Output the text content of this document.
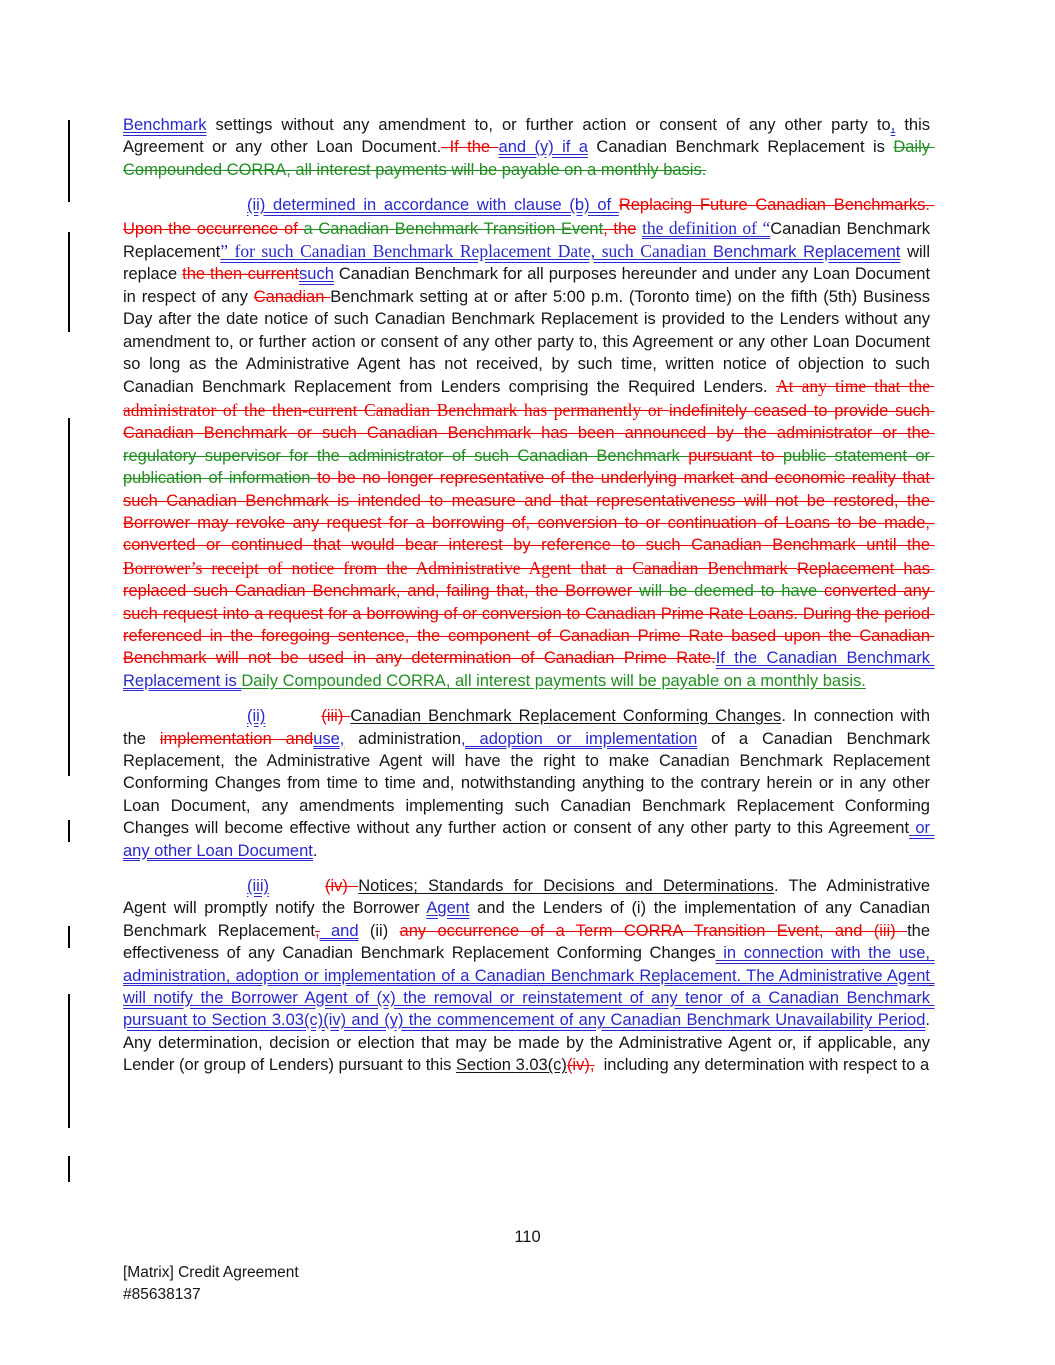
Benchmark settings without any amendment to, or further action or consent of any other party to, this Agreement or any other Loan Document. If the and (y) if a Canadian Benchmark Replacement is Daily Compounded CORRA, all interest payments will be payable on a monthly basis.

(ii) determined in accordance with clause (b) of Replacing Future Canadian Benchmarks. Upon the occurrence of a Canadian Benchmark Transition Event, the the definition of “Canadian Benchmark Replacement” for such Canadian Benchmark Replacement Date, such Canadian Benchmark Replacement will replace the then-currentsuch Canadian Benchmark for all purposes hereunder and under any Loan Document in respect of any Canadian Benchmark setting at or after 5:00 p.m. (Toronto time) on the fifth (5th) Business Day after the date notice of such Canadian Benchmark Replacement is provided to the Lenders without any amendment to, or further action or consent of any other party to, this Agreement or any other Loan Document so long as the Administrative Agent has not received, by such time, written notice of objection to such Canadian Benchmark Replacement from Lenders comprising the Required Lenders. At any time that the administrator of the then-current Canadian Benchmark has permanently or indefinitely ceased to provide such Canadian Benchmark or such Canadian Benchmark has been announced by the administrator or the regulatory supervisor for the administrator of such Canadian Benchmark pursuant to public statement or publication of information to be no longer representative of the underlying market and economic reality that such Canadian Benchmark is intended to measure and that representativeness will not be restored, the Borrower may revoke any request for a borrowing of, conversion to or continuation of Loans to be made, converted or continued that would bear interest by reference to such Canadian Benchmark until the Borrower’s receipt of notice from the Administrative Agent that a Canadian Benchmark Replacement has replaced such Canadian Benchmark, and, failing that, the Borrower will be deemed to have converted any such request into a request for a borrowing of or conversion to Canadian Prime Rate Loans. During the period referenced in the foregoing sentence, the component of Canadian Prime Rate based upon the Canadian Benchmark will not be used in any determination of Canadian Prime Rate.If the Canadian Benchmark Replacement is Daily Compounded CORRA, all interest payments will be payable on a monthly basis.

(ii)	(iii) Canadian Benchmark Replacement Conforming Changes. In connection with the implementation anduse, administration, adoption or implementation of a Canadian Benchmark Replacement, the Administrative Agent will have the right to make Canadian Benchmark Replacement Conforming Changes from time to time and, notwithstanding anything to the contrary herein or in any other Loan Document, any amendments implementing such Canadian Benchmark Replacement Conforming Changes will become effective without any further action or consent of any other party to this Agreement or any other Loan Document.

(iii)	(iv) Notices; Standards for Decisions and Determinations. The Administrative Agent will promptly notify the Borrower Agent and the Lenders of (i) the implementation of any Canadian Benchmark Replacement, and (ii) any occurrence of a Term CORRA Transition Event, and (iii) the effectiveness of any Canadian Benchmark Replacement Conforming Changes in connection with the use, administration, adoption or implementation of a Canadian Benchmark Replacement. The Administrative Agent will notify the Borrower Agent of (x) the removal or reinstatement of any tenor of a Canadian Benchmark pursuant to Section 3.03(c)(iv) and (y) the commencement of any Canadian Benchmark Unavailability Period. Any determination, decision or election that may be made by the Administrative Agent or, if applicable, any Lender (or group of Lenders) pursuant to this Section 3.03(c)(iv),  including any determination with respect to a

110
[Matrix] Credit Agreement
#85638137
